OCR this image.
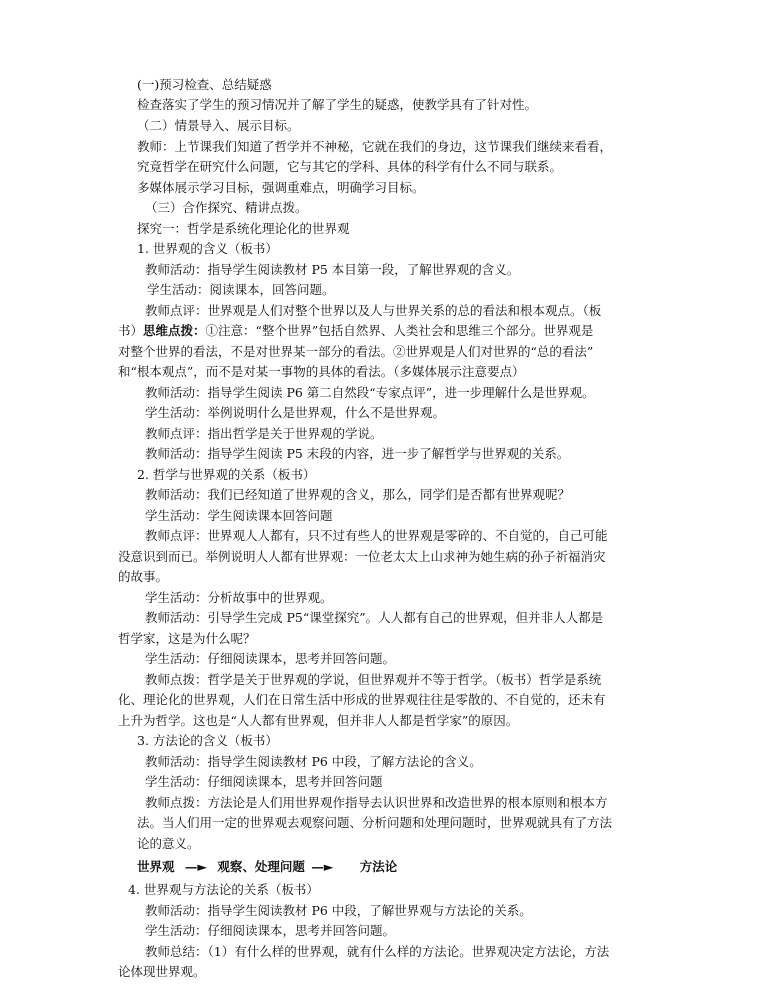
(一)预习检查、总结疑惑
检查落实了学生的预习情况并了解了学生的疑惑，使教学具有了针对性。
（二）情景导入、展示目标。
教师：上节课我们知道了哲学并不神秘，它就在我们的身边，这节课我们继续来看看，
究竟哲学在研究什么问题，它与其它的学科、具体的科学有什么不同与联系。
多媒体展示学习目标，强调重难点，明确学习目标。
（三）合作探究、精讲点拨。
探究一：哲学是系统化理论化的世界观
1. 世界观的含义（板书）
教师活动：指导学生阅读教材 P5 本目第一段，了解世界观的含义。
学生活动：阅读课本，回答问题。
教师点评：世界观是人们对整个世界以及人与世界关系的总的看法和根本观点。（板
书）思维点拨：①注意：“整个世界”包括自然界、人类社会和思维三个部分。世界观是
对整个世界的看法，不是对世界某一部分的看法。②世界观是人们对世界的“总的看法”
和“根本观点”，而不是对某一事物的具体的看法。（多媒体展示注意要点）
教师活动：指导学生阅读 P6 第二自然段“专家点评”，进一步理解什么是世界观。
学生活动：举例说明什么是世界观，什么不是世界观。
教师点评：指出哲学是关于世界观的学说。
教师活动：指导学生阅读 P5 末段的内容，进一步了解哲学与世界观的关系。
2. 哲学与世界观的关系（板书）
教师活动：我们已经知道了世界观的含义，那么，同学们是否都有世界观呢？
学生活动：学生阅读课本回答问题
教师点评：世界观人人都有，只不过有些人的世界观是零碎的、不自觉的，自己可能
没意识到而已。举例说明人人都有世界观：一位老太太上山求神为她生病的孙子祈福消灾
的故事。
学生活动：分析故事中的世界观。
教师活动：引导学生完成 P5“课堂探究”。人人都有自己的世界观，但并非人人都是
哲学家，这是为什么呢？
学生活动：仔细阅读课本，思考并回答问题。
教师点拨：哲学是关于世界观的学说，但世界观并不等于哲学。（板书）哲学是系统
化、理论化的世界观，人们在日常生活中形成的世界观往往是零散的、不自觉的，还未有
上升为哲学。这也是“人人都有世界观，但并非人人都是哲学家”的原因。
3. 方法论的含义（板书）
教师活动：指导学生阅读教材 P6 中段，了解方法论的含义。
学生活动：仔细阅读课本，思考并回答问题
教师点拨：方法论是人们用世界观作指导去认识世界和改造世界的根本原则和根本方
法。当人们用一定的世界观去观察问题、分析问题和处理问题时，世界观就具有了方法
论的意义。
世界观 —► 观察、处理问题 —► 方法论
4. 世界观与方法论的关系（板书）
教师活动：指导学生阅读教材 P6 中段，了解世界观与方法论的关系。
学生活动：仔细阅读课本，思考并回答问题。
教师总结：（1）有什么样的世界观，就有什么样的方法论。世界观决定方法论，方法
论体现世界观。
